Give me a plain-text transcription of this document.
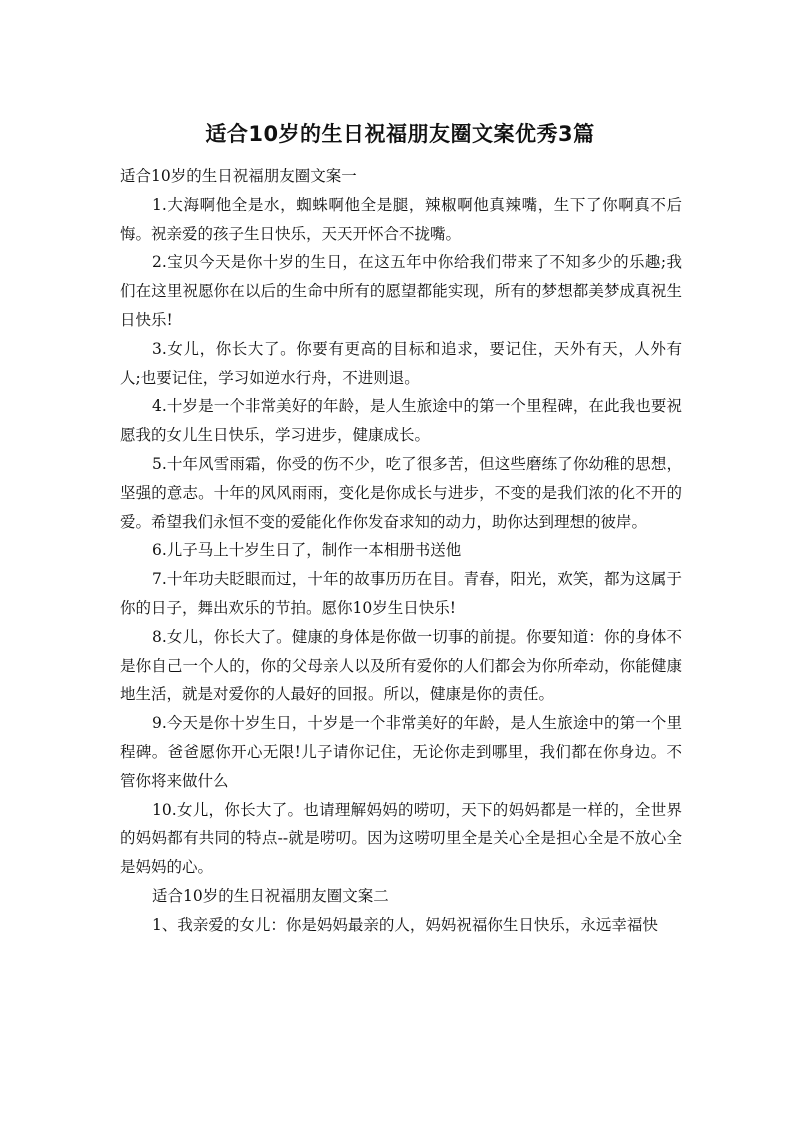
适合10岁的生日祝福朋友圈文案优秀3篇

适合10岁的生日祝福朋友圈文案一

1.大海啊他全是水，蜘蛛啊他全是腿，辣椒啊他真辣嘴，生下了你啊真不后悔。祝亲爱的孩子生日快乐，天天开怀合不拢嘴。

2.宝贝今天是你十岁的生日，在这五年中你给我们带来了不知多少的乐趣;我们在这里祝愿你在以后的生命中所有的愿望都能实现，所有的梦想都美梦成真祝生日快乐!

3.女儿，你长大了。你要有更高的目标和追求，要记住，天外有天，人外有人;也要记住，学习如逆水行舟，不进则退。

4.十岁是一个非常美好的年龄，是人生旅途中的第一个里程碑，在此我也要祝愿我的女儿生日快乐，学习进步，健康成长。

5.十年风雪雨霜，你受的伤不少，吃了很多苦，但这些磨练了你幼稚的思想，坚强的意志。十年的风风雨雨，变化是你成长与进步，不变的是我们浓的化不开的爱。希望我们永恒不变的爱能化作你发奋求知的动力，助你达到理想的彼岸。

6.儿子马上十岁生日了，制作一本相册书送他

7.十年功夫眨眼而过，十年的故事历历在目。青春，阳光，欢笑，都为这属于你的日子，舞出欢乐的节拍。愿你10岁生日快乐!

8.女儿，你长大了。健康的身体是你做一切事的前提。你要知道：你的身体不是你自己一个人的，你的父母亲人以及所有爱你的人们都会为你所牵动，你能健康地生活，就是对爱你的人最好的回报。所以，健康是你的责任。

9.今天是你十岁生日，十岁是一个非常美好的年龄，是人生旅途中的第一个里程碑。爸爸愿你开心无限!儿子请你记住，无论你走到哪里，我们都在你身边。不管你将来做什么

10.女儿，你长大了。也请理解妈妈的唠叨，天下的妈妈都是一样的，全世界的妈妈都有共同的特点--就是唠叨。因为这唠叨里全是关心全是担心全是不放心全是妈妈的心。

适合10岁的生日祝福朋友圈文案二

1、我亲爱的女儿：你是妈妈最亲的人，妈妈祝福你生日快乐，永远幸福快
